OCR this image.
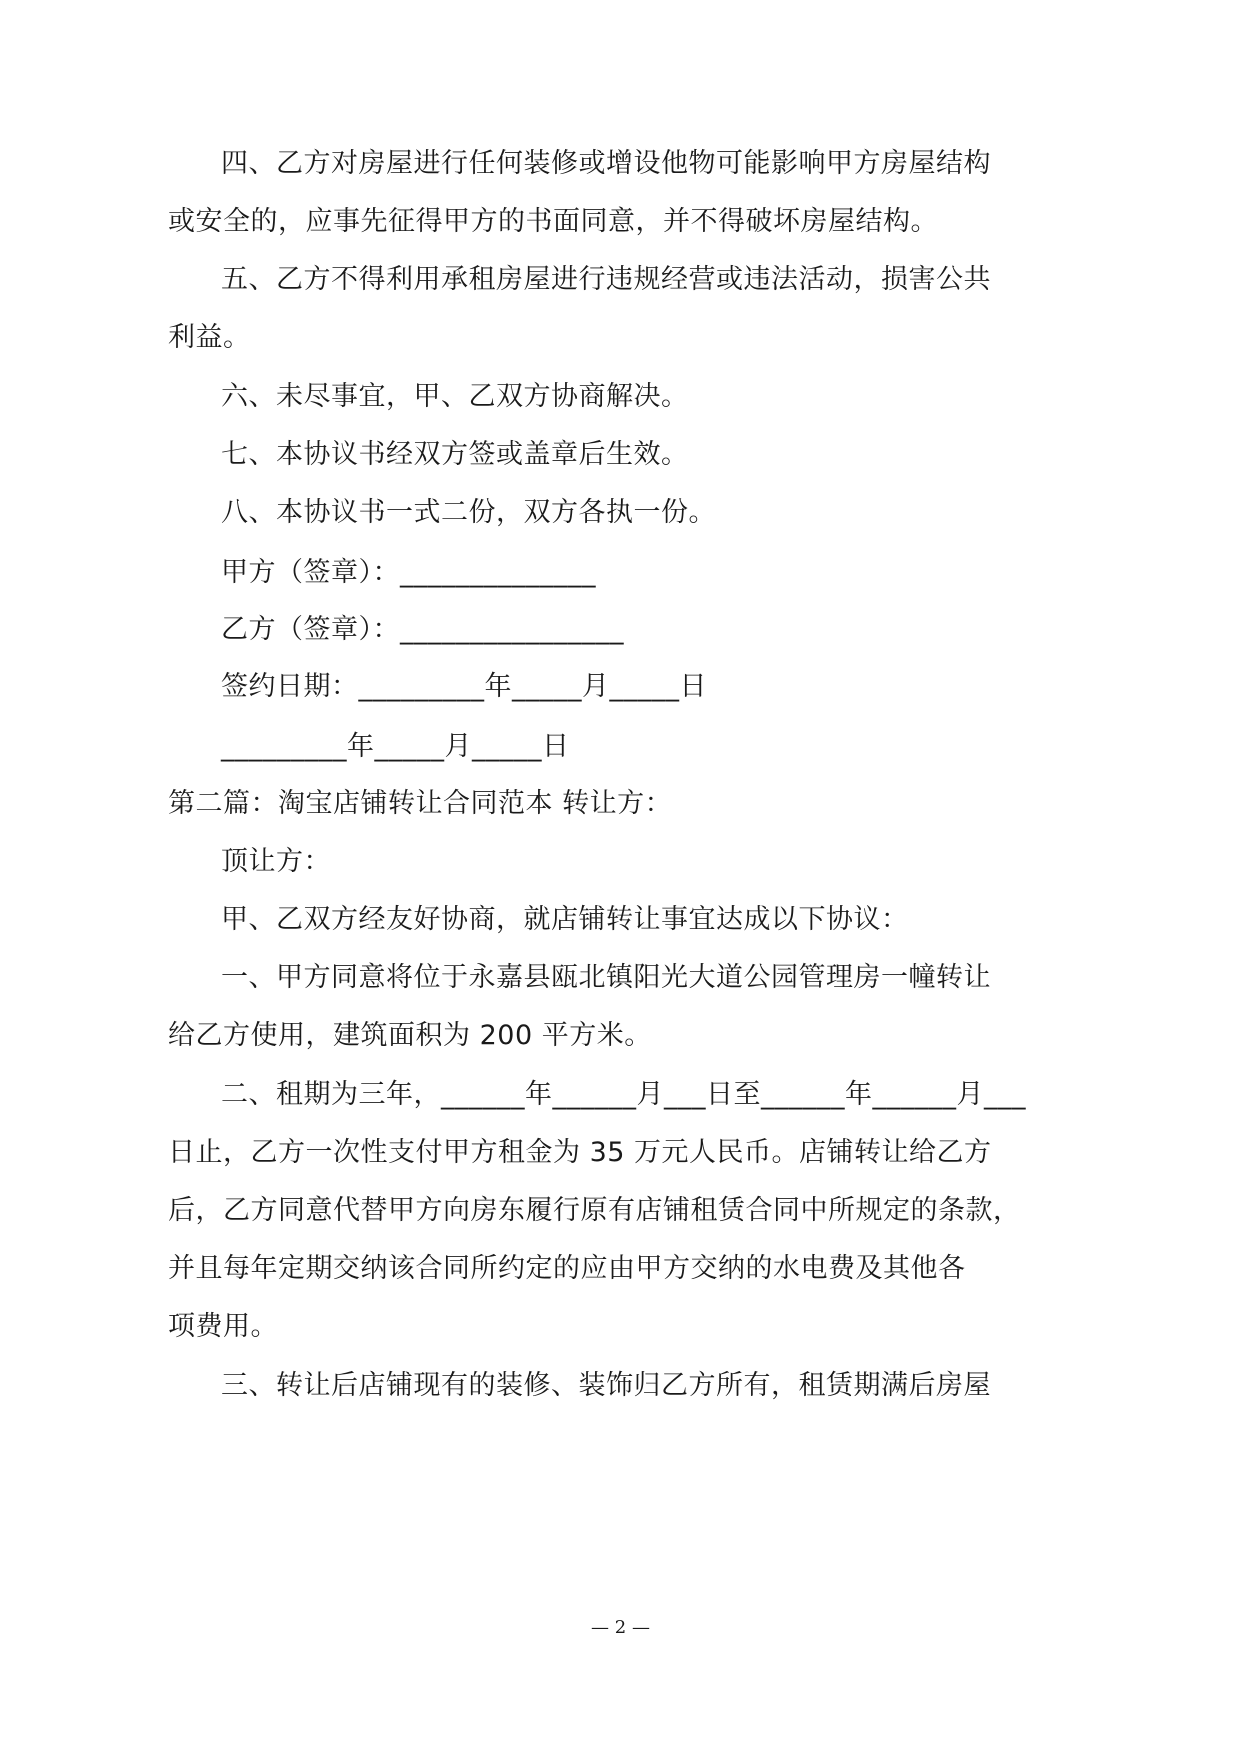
四、乙方对房屋进行任何装修或增设他物可能影响甲方房屋结构
或安全的，应事先征得甲方的书面同意，并不得破坏房屋结构。
五、乙方不得利用承租房屋进行违规经营或违法活动，损害公共
利益。
六、未尽事宜，甲、乙双方协商解决。
七、本协议书经双方签或盖章后生效。
八、本协议书一式二份，双方各执一份。
甲方（签章）：______________
乙方（签章）：________________
签约日期：_________年_____月_____日
_________年_____月_____日
第二篇：淘宝店铺转让合同范本 转让方：
顶让方：
甲、乙双方经友好协商，就店铺转让事宜达成以下协议：
一、甲方同意将位于永嘉县瓯北镇阳光大道公园管理房一幢转让
给乙方使用，建筑面积为 200 平方米。
二、租期为三年，______年______月___日至______年______月___
日止，乙方一次性支付甲方租金为 35 万元人民币。店铺转让给乙方
后，乙方同意代替甲方向房东履行原有店铺租赁合同中所规定的条款，
并且每年定期交纳该合同所约定的应由甲方交纳的水电费及其他各
项费用。
三、转让后店铺现有的装修、装饰归乙方所有，租赁期满后房屋
— 2 —
